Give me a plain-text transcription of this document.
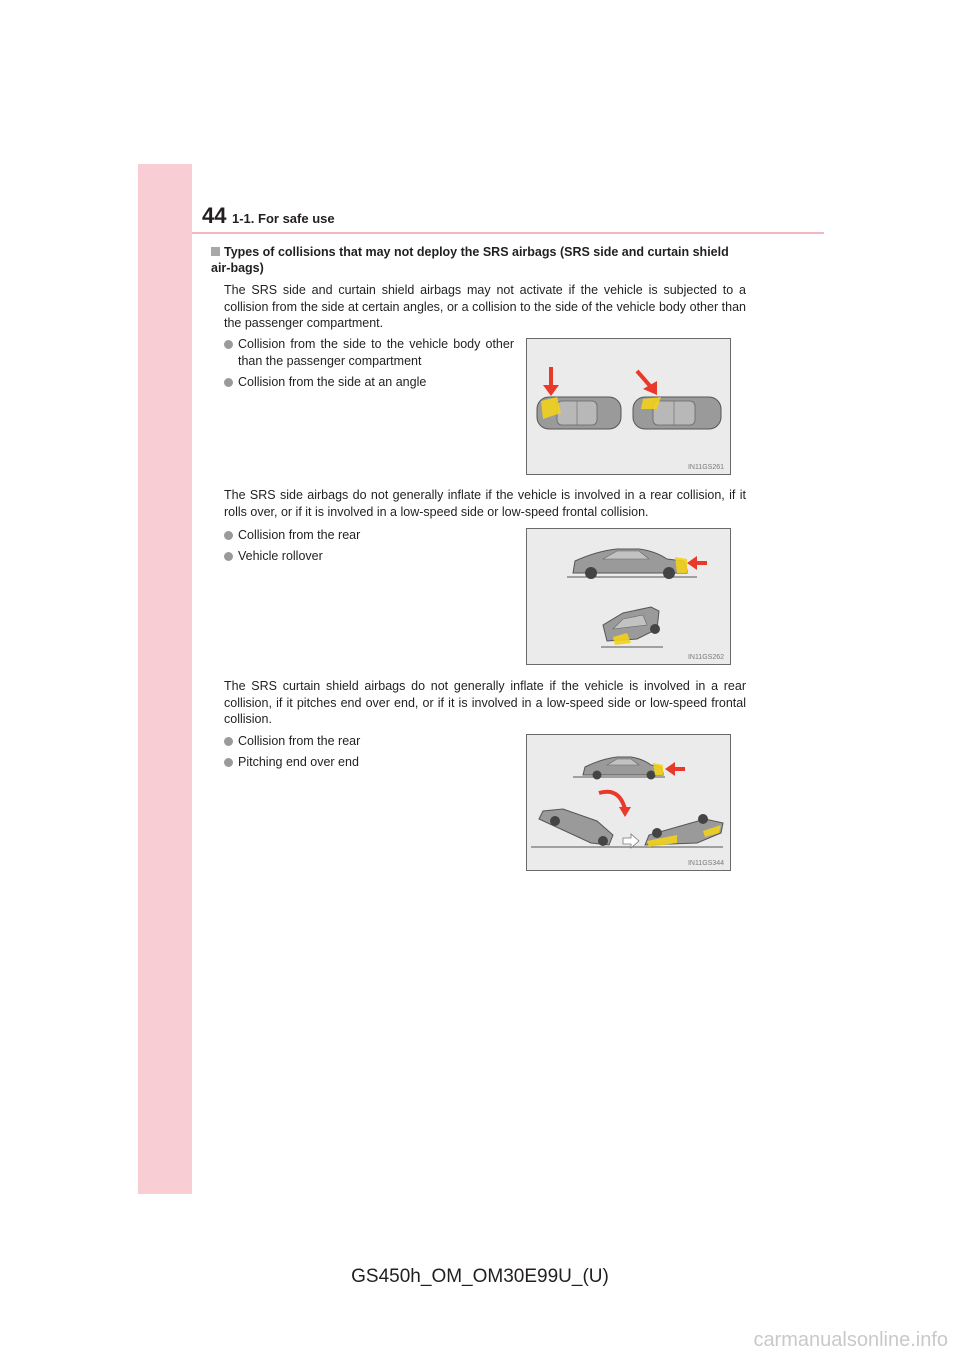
44 1-1. For safe use
Types of collisions that may not deploy the SRS airbags (SRS side and curtain shield air-bags)
The SRS side and curtain shield airbags may not activate if the vehicle is subjected to a collision from the side at certain angles, or a collision to the side of the vehicle body other than the passenger compartment.
Collision from the side to the vehicle body other than the passenger compartment
Collision from the side at an angle
IN11GS261
The SRS side airbags do not generally inflate if the vehicle is involved in a rear collision, if it rolls over, or if it is involved in a low-speed side or low-speed frontal collision.
Collision from the rear
Vehicle rollover
IN11GS262
The SRS curtain shield airbags do not generally inflate if the vehicle is involved in a rear collision, if it pitches end over end, or if it is involved in a low-speed side or low-speed frontal collision.
Collision from the rear
Pitching end over end
IN11GS344
GS450h_OM_OM30E99U_(U)
carmanualsonline.info
